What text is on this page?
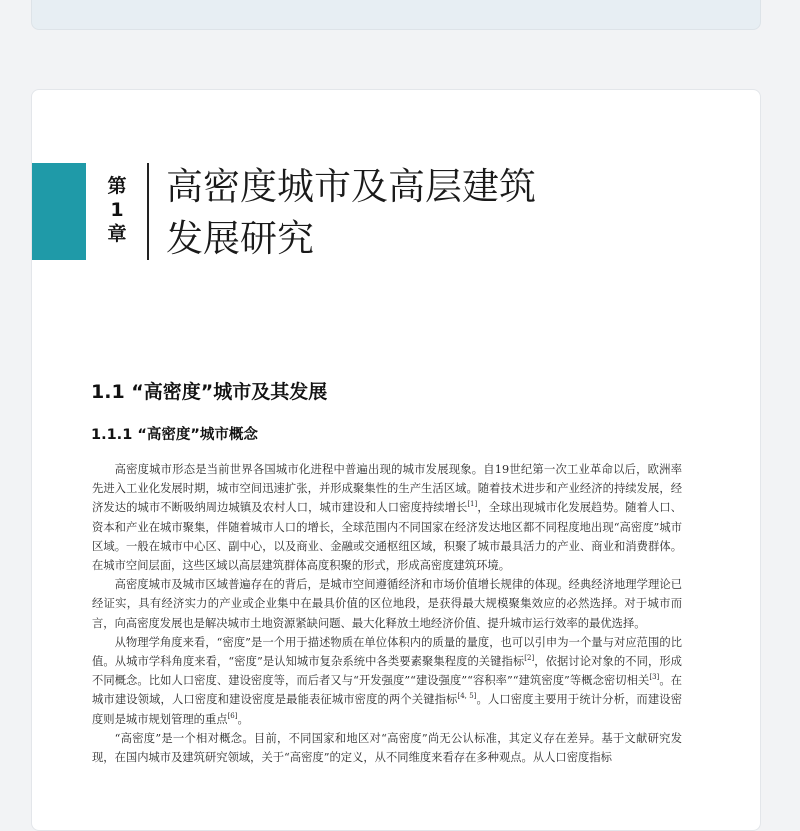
第
1
章
高密度城市及高层建筑
发展研究
1.1 “高密度”城市及其发展
1.1.1 “高密度”城市概念

高密度城市形态是当前世界各国城市化进程中普遍出现的城市发展现象。自19世纪第一次工业革命以后，欧洲率先进入工业化发展时期，城市空间迅速扩张，并形成聚集性的生产生活区域。随着技术进步和产业经济的持续发展，经济发达的城市不断吸纳周边城镇及农村人口，城市建设和人口密度持续增长[1]，全球出现城市化发展趋势。随着人口、资本和产业在城市聚集，伴随着城市人口的增长，全球范围内不同国家在经济发达地区都不同程度地出现“高密度”城市区域。一般在城市中心区、副中心，以及商业、金融或交通枢纽区域，积聚了城市最具活力的产业、商业和消费群体。在城市空间层面，这些区域以高层建筑群体高度积聚的形式，形成高密度建筑环境。

高密度城市及城市区域普遍存在的背后，是城市空间遵循经济和市场价值增长规律的体现。经典经济地理学理论已经证实，具有经济实力的产业或企业集中在最具价值的区位地段，是获得最大规模聚集效应的必然选择。对于城市而言，向高密度发展也是解决城市土地资源紧缺问题、最大化释放土地经济价值、提升城市运行效率的最优选择。

从物理学角度来看，“密度”是一个用于描述物质在单位体积内的质量的量度，也可以引申为一个量与对应范围的比值。从城市学科角度来看，“密度”是认知城市复杂系统中各类要素聚集程度的关键指标[2]，依据讨论对象的不同，形成不同概念。比如人口密度、建设密度等，而后者又与“开发强度”“建设强度”“容积率”“建筑密度”等概念密切相关[3]。在城市建设领域，人口密度和建设密度是最能表征城市密度的两个关键指标[4, 5]。人口密度主要用于统计分析，而建设密度则是城市规划管理的重点[6]。

“高密度”是一个相对概念。目前，不同国家和地区对“高密度”尚无公认标准，其定义存在差异。基于文献研究发现，在国内城市及建筑研究领域，关于“高密度”的定义，从不同维度来看存在多种观点。从人口密度指标
